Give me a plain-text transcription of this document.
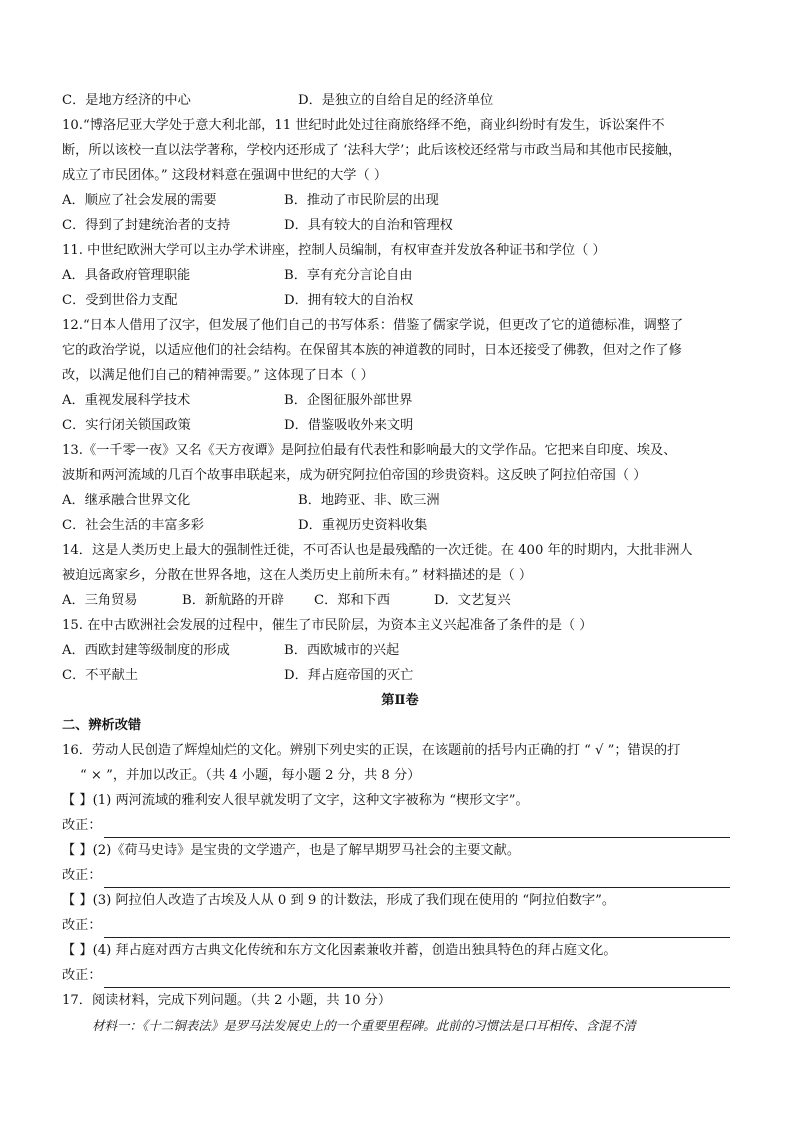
C．是地方经济的中心	D．是独立的自给自足的经济单位
10.“博洛尼亚大学处于意大利北部，11 世纪时此处过往商旅络绎不绝，商业纠纷时有发生，诉讼案件不
断，所以该校一直以法学著称，学校内还形成了 ‘法科大学’；此后该校还经常与市政当局和其他市民接触，
成立了市民团体。” 这段材料意在强调中世纪的大学（ ）
A．顺应了社会发展的需要	B．推动了市民阶层的出现
C．得到了封建统治者的支持	D．具有较大的自治和管理权
11. 中世纪欧洲大学可以主办学术讲座，控制人员编制，有权审查并发放各种证书和学位（ ）
A．具备政府管理职能	B．享有充分言论自由
C．受到世俗力支配	D．拥有较大的自治权
12.“日本人借用了汉字，但发展了他们自己的书写体系：借鉴了儒家学说，但更改了它的道德标准，调整了
它的政治学说，以适应他们的社会结构。在保留其本族的神道教的同时，日本还接受了佛教，但对之作了修
改，以满足他们自己的精神需要。” 这体现了日本（ ）
A．重视发展科学技术	B．企图征服外部世界
C．实行闭关锁国政策	D．借鉴吸收外来文明
13.《一千零一夜》又名《天方夜谭》是阿拉伯最有代表性和影响最大的文学作品。它把来自印度、埃及、
波斯和两河流域的几百个故事串联起来，成为研究阿拉伯帝国的珍贵资料。这反映了阿拉伯帝国（ ）
A．继承融合世界文化	B．地跨亚、非、欧三洲
C．社会生活的丰富多彩	D．重视历史资料收集
14．这是人类历史上最大的强制性迁徙，不可否认也是最残酷的一次迁徙。在 400 年的时期内，大批非洲人
被迫远离家乡，分散在世界各地，这在人类历史上前所未有。” 材料描述的是（ ）
A．三角贸易	B．新航路的开辟	C．郑和下西	D．文艺复兴
15. 在中古欧洲社会发展的过程中，催生了市民阶层，为资本主义兴起准备了条件的是（ ）
A．西欧封建等级制度的形成	B．西欧城市的兴起
C．不平献土	D．拜占庭帝国的灭亡
第Ⅱ卷
二、辨析改错
16．劳动人民创造了辉煌灿烂的文化。辨别下列史实的正误，在该题前的括号内正确的打 “ √ ”；错误的打
“ × ”，并加以改正。（共 4 小题，每小题 2 分，共 8 分）
【 】(1) 两河流域的雅利安人很早就发明了文字，这种文字被称为 “楔形文字”。
改正：
【 】(2)《荷马史诗》是宝贵的文学遗产，也是了解早期罗马社会的主要文献。
改正：
【 】(3) 阿拉伯人改造了古埃及人从 0 到 9 的计数法，形成了我们现在使用的 “阿拉伯数字”。
改正：
【 】(4) 拜占庭对西方古典文化传统和东方文化因素兼收并蓄，创造出独具特色的拜占庭文化。
改正：
17．阅读材料，完成下列问题。（共 2 小题，共 10 分）
材料一：《十二铜表法》是罗马法发展史上的一个重要里程碑。此前的习惯法是口耳相传、含混不清
